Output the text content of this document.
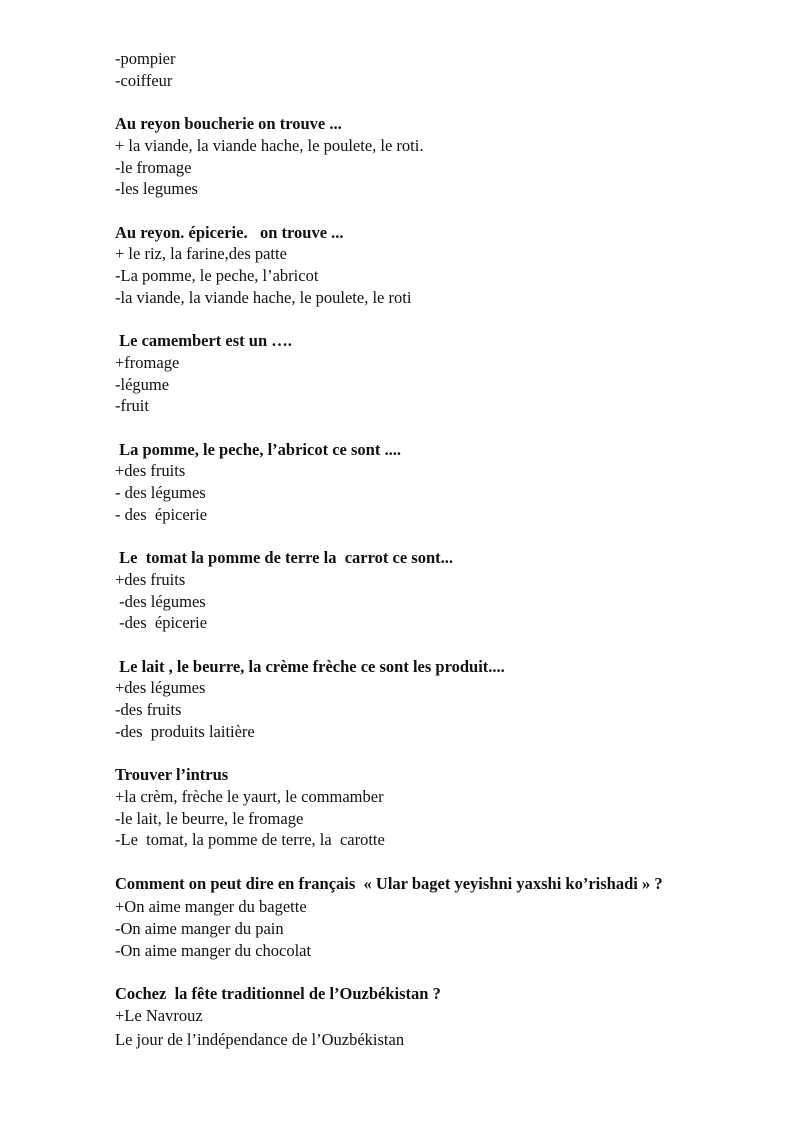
-pompier
-coiffeur
Au reyon boucherie on trouve ...
+ la viande, la viande hache, le poulete, le roti.
-le fromage
-les legumes
Au reyon. épicerie.   on trouve ...
+ le riz, la farine,des patte
-La pomme, le peche, l’abricot
-la viande, la viande hache, le poulete, le roti
Le camembert est un ….
+fromage
-légume
-fruit
La pomme, le peche, l’abricot ce sont ....
+des fruits
- des légumes
- des  épicerie
Le  tomat la pomme de terre la  carrot ce sont...
+des fruits
-des légumes
-des  épicerie
Le lait , le beurre, la crème frèche ce sont les produit....
+des légumes
-des fruits
-des  produits laitière
Trouver l’intrus
+la crèm, frèche le yaurt, le commamber
-le lait, le beurre, le fromage
-Le  tomat, la pomme de terre, la  carotte
Comment on peut dire en français  « Ular baget yeyishni yaxshi ko’rishadi » ?
+On aime manger du bagette
-On aime manger du pain
-On aime manger du chocolat
Cochez  la fête traditionnel de l’Ouzbékistan ?
+Le Navrouz
Le jour de l’indépendance de l’Ouzbékistan
